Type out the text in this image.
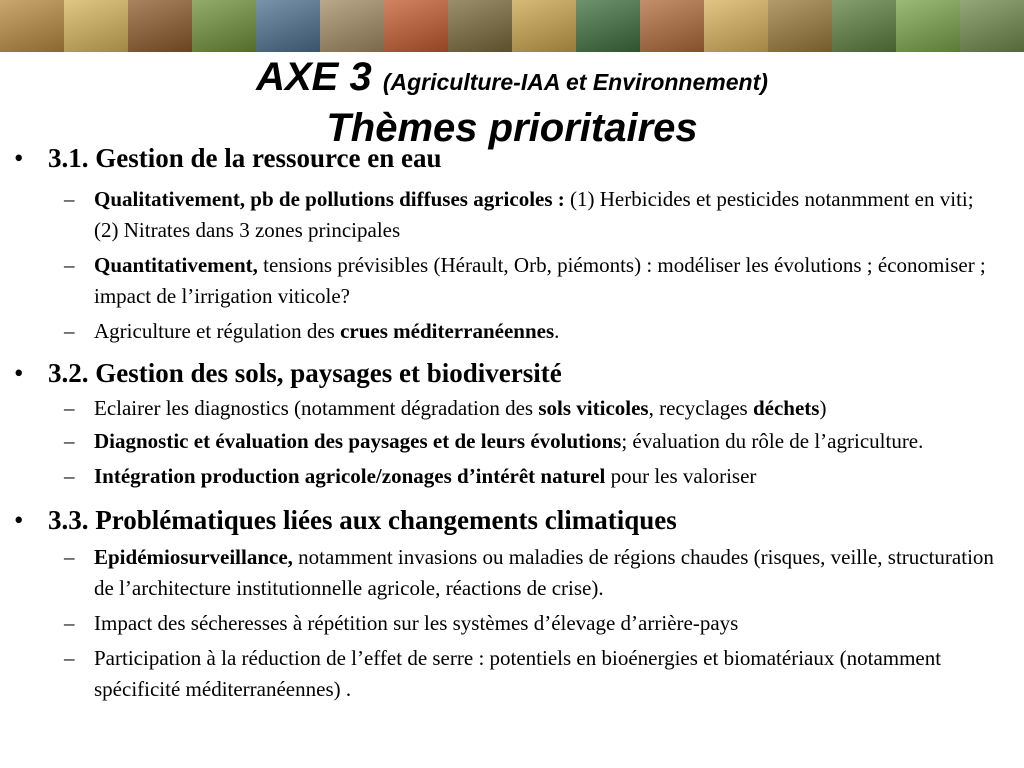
AXE 3 (Agriculture-IAA et Environnement)
Thèmes prioritaires
• 3.1. Gestion de la ressource en eau
– Qualitativement, pb de pollutions diffuses agricoles : (1) Herbicides et pesticides notanmment en viti; (2) Nitrates dans 3 zones principales
– Quantitativement, tensions prévisibles (Hérault, Orb, piémonts) : modéliser les évolutions ; économiser ; impact de l’irrigation viticole?
– Agriculture et régulation des crues méditerranéennes.
• 3.2. Gestion des sols, paysages et biodiversité
– Eclairer les diagnostics (notamment dégradation des sols viticoles, recyclages déchets)
– Diagnostic et évaluation des paysages et de leurs évolutions; évaluation du rôle de l’agriculture.
– Intégration production agricole/zonages d’intérêt naturel pour les valoriser
• 3.3. Problématiques liées aux changements climatiques
– Epidémiosurveillance, notamment invasions ou maladies de régions chaudes (risques, veille, structuration de l’architecture institutionnelle agricole, réactions de crise).
– Impact des sécheresses à répétition sur les systèmes d’élevage d’arrière-pays
– Participation à la réduction de l’effet de serre : potentiels en bioénergies et biomatériaux (notamment spécificité méditerranéennes) .
